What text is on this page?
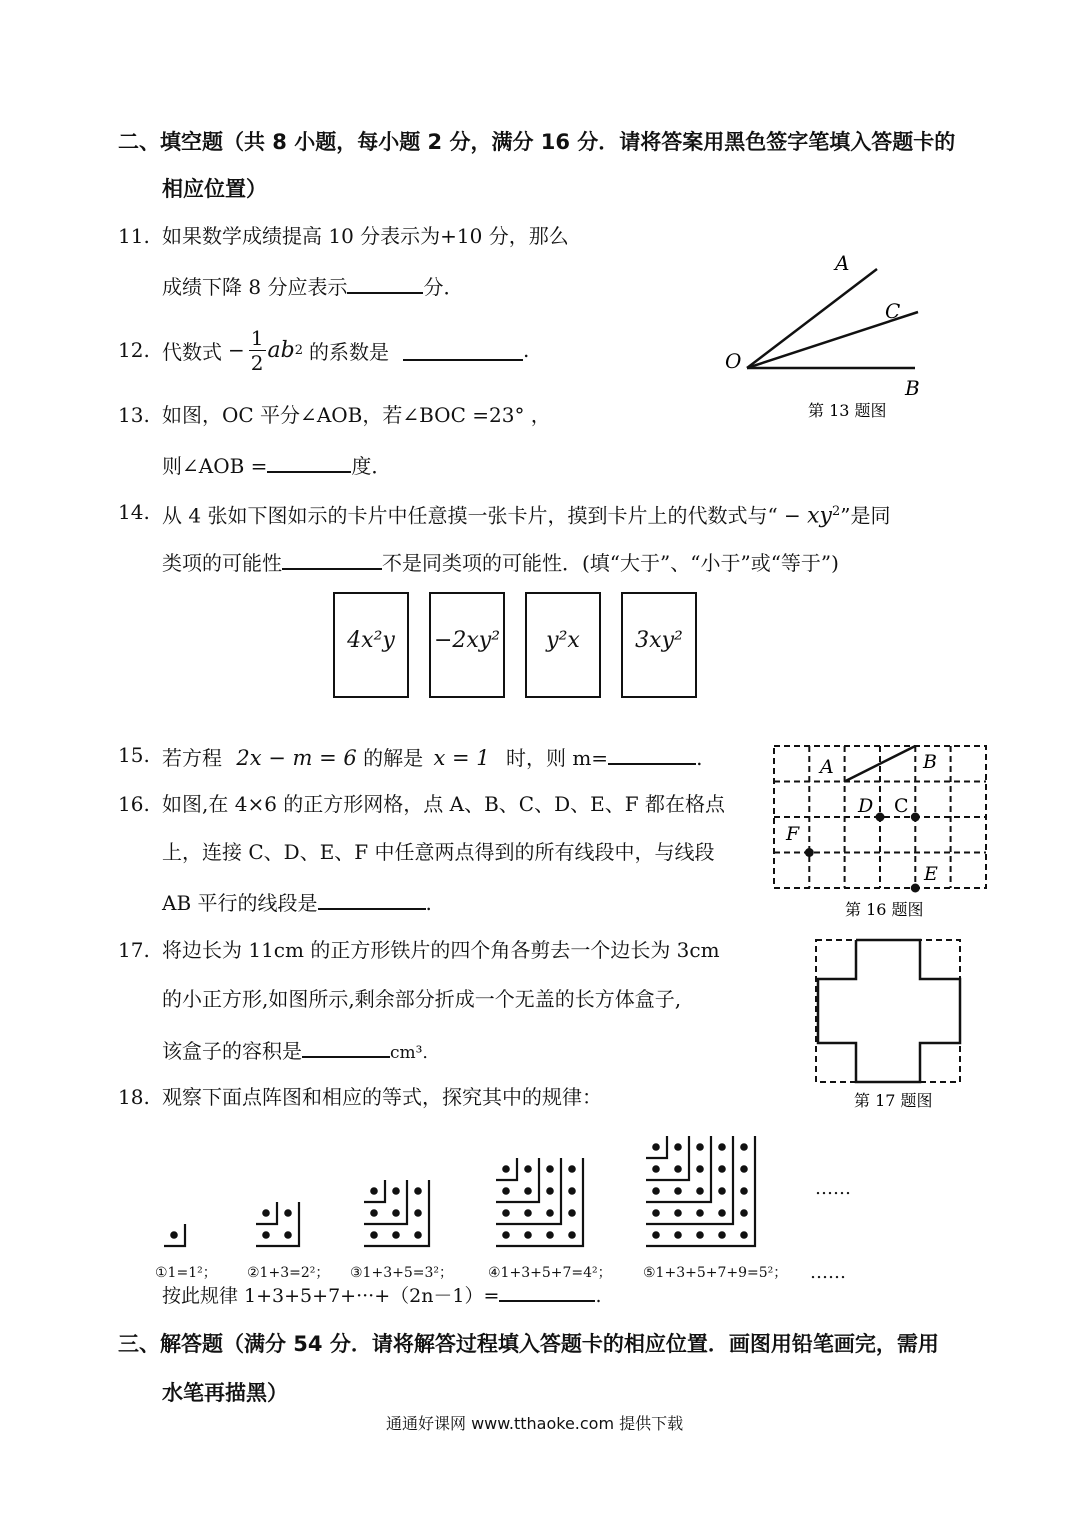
二、填空题（共 8 小题，每小题 2 分，满分 16 分．请将答案用黑色签字笔填入答题卡的
相应位置）
11. 如果数学成绩提高 10 分表示为+10 分，那么
成绩下降 8 分应表示	分．
12. 代数式 − $\frac{1}{2}$ ab 2 的系数是	.
13. 如图，OC 平分∠AOB，若∠BOC =23° ，
则∠AOB =	度．
A
C
O
B
第 13 题图
14. 从 4 张如下图如示的卡片中任意摸一张卡片，摸到卡片上的代数式与“ − $xy^2$”是同
类项的可能性	不是同类项的可能性．(填“大于”、“小于”或“等于”)
4x²y	−2xy²	y²x	3xy²
15. 若方程 2x − m = 6 的解是 x = 1 时，则 m=	.
16. 如图,在 4×6 的正方形网格，点 A、B、C、D、E、F 都在格点
上，连接 C、D、E、F 中任意两点得到的所有线段中，与线段
AB 平行的线段是	.
A	B
D C
F
E
第 16 题图
17. 将边长为 11cm 的正方形铁片的四个角各剪去一个边长为 3cm
的小正方形,如图所示,剩余部分折成一个无盖的长方体盒子,
该盒子的容积是	cm³．
第 17 题图
18. 观察下面点阵图和相应的等式，探究其中的规律：
①1=1²； ②1+3=2²； ③1+3+5=3²；	④1+3+5+7=4²； ⑤1+3+5+7+9=5²； ……
……
按此规律 1+3+5+7+···+（2n－1）=	.
三、解答题（满分 54 分．请将解答过程填入答题卡的相应位置．画图用铅笔画完，需用
水笔再描黑）
通通好课网 www.tthaoke.com 提供下载
